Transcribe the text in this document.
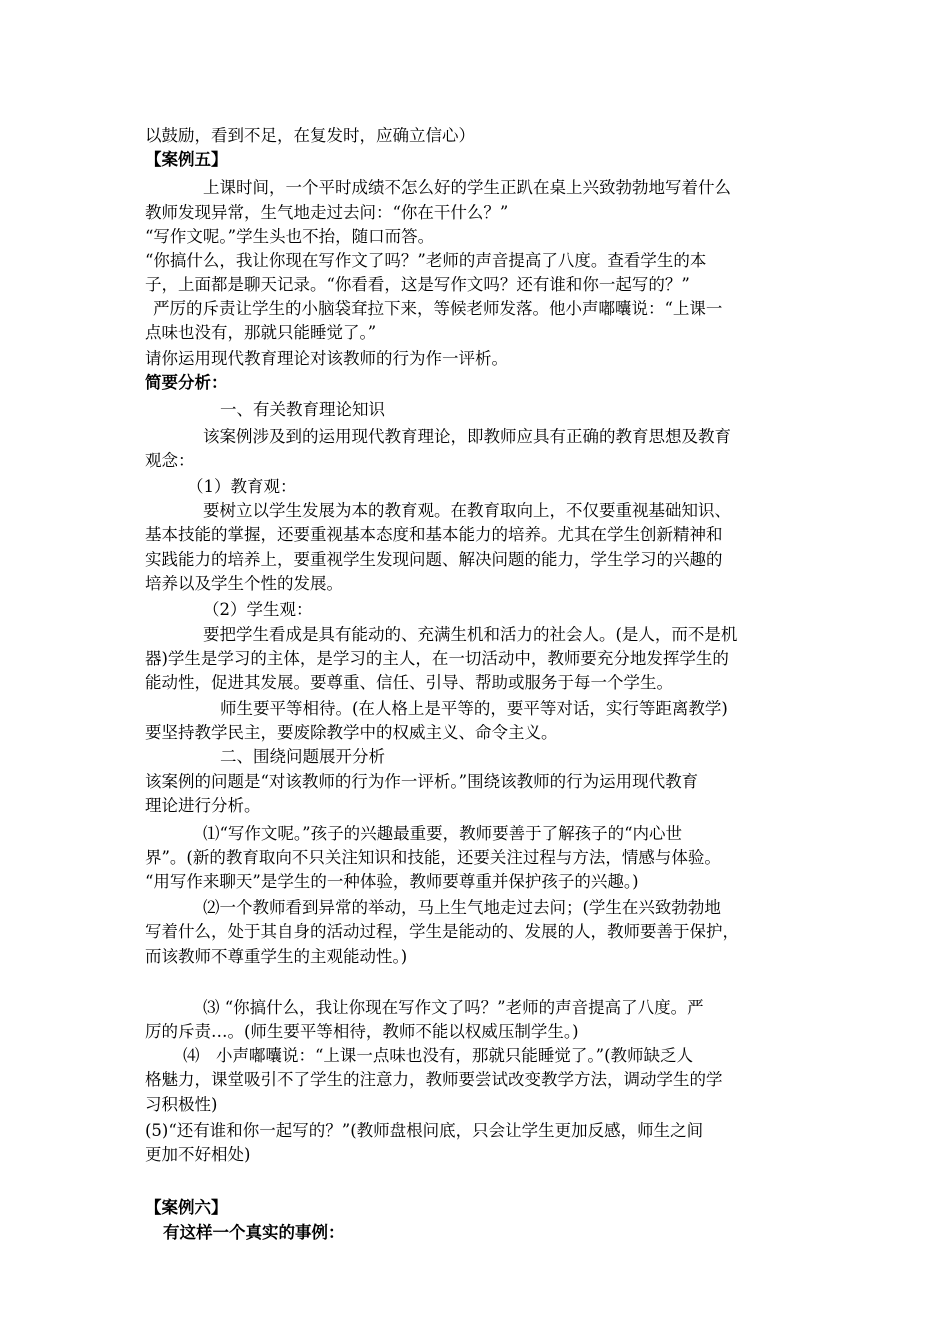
以鼓励，看到不足，在复发时，应确立信心）
【案例五】
上课时间，一个平时成绩不怎么好的学生正趴在桌上兴致勃勃地写着什么
教师发现异常，生气地走过去问：“你在干什么？”
“写作文呢。”学生头也不抬，随口而答。
“你搞什么，我让你现在写作文了吗？”老师的声音提高了八度。查看学生的本
子，上面都是聊天记录。“你看看，这是写作文吗？还有谁和你一起写的？”
严厉的斥责让学生的小脑袋耷拉下来，等候老师发落。他小声嘟囔说：“上课一
点味也没有，那就只能睡觉了。”
请你运用现代教育理论对该教师的行为作一评析。
简要分析：
一、有关教育理论知识
该案例涉及到的运用现代教育理论，即教师应具有正确的教育思想及教育
观念：
（1）教育观：
要树立以学生发展为本的教育观。在教育取向上，不仅要重视基础知识、
基本技能的掌握，还要重视基本态度和基本能力的培养。尤其在学生创新精神和
实践能力的培养上，要重视学生发现问题、解决问题的能力，学生学习的兴趣的
培养以及学生个性的发展。
（2）学生观：
要把学生看成是具有能动的、充满生机和活力的社会人。(是人，而不是机
器)学生是学习的主体，是学习的主人，在一切活动中，教师要充分地发挥学生的
能动性，促进其发展。要尊重、信任、引导、帮助或服务于每一个学生。
师生要平等相待。(在人格上是平等的，要平等对话，实行等距离教学)
要坚持教学民主，要废除教学中的权威主义、命令主义。
二、围绕问题展开分析
该案例的问题是“对该教师的行为作一评析。”围绕该教师的行为运用现代教育
理论进行分析。
⑴“写作文呢。”孩子的兴趣最重要，教师要善于了解孩子的“内心世
界”。(新的教育取向不只关注知识和技能，还要关注过程与方法，情感与体验。
“用写作来聊天”是学生的一种体验，教师要尊重并保护孩子的兴趣。)
⑵一个教师看到异常的举动，马上生气地走过去问；(学生在兴致勃勃地
写着什么，处于其自身的活动过程，学生是能动的、发展的人，教师要善于保护，
而该教师不尊重学生的主观能动性。)
⑶ “你搞什么，我让你现在写作文了吗？”老师的声音提高了八度。严
厉的斥责…。(师生要平等相待，教师不能以权威压制学生。)
⑷　小声嘟囔说：“上课一点味也没有，那就只能睡觉了。”(教师缺乏人
格魅力，课堂吸引不了学生的注意力，教师要尝试改变教学方法，调动学生的学
习积极性)
(5)“还有谁和你一起写的？”(教师盘根问底，只会让学生更加反感，师生之间
更加不好相处)
【案例六】
有这样一个真实的事例：
